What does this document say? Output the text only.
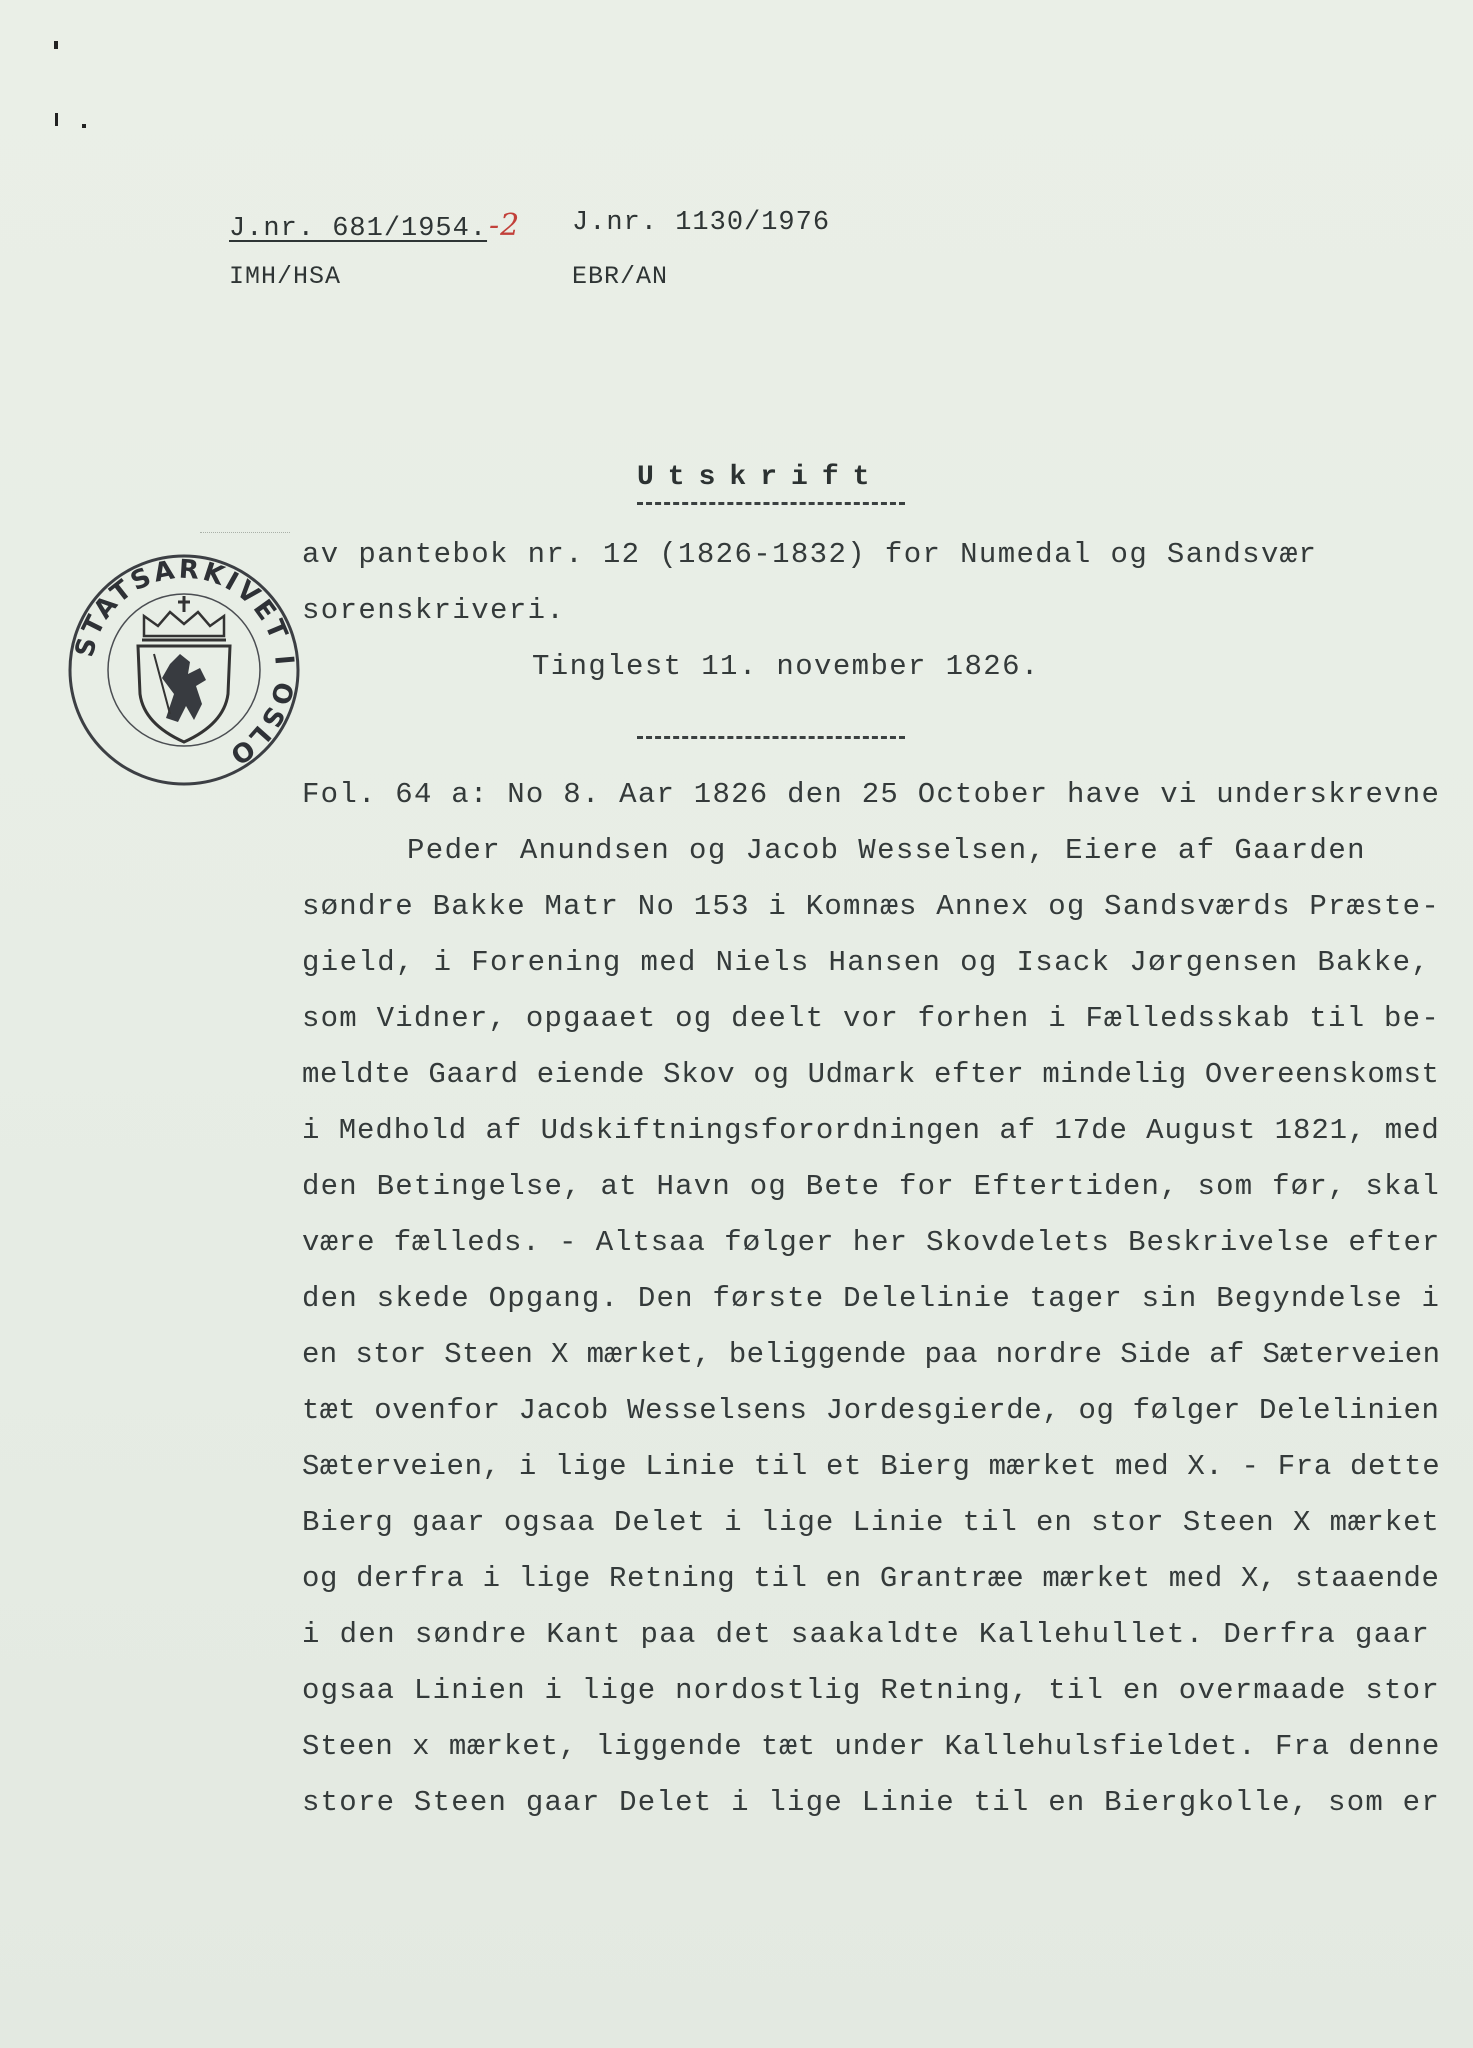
J.nr. 681/1954.-2 J.nr. 1130/1976
IMH/HSA	EBR/AN
Utskrift
av pantebok nr. 12 (1826-1832) for Numedal og Sandsvær
sorenskriveri.
Tinglest 11. november 1826.
STATSARKIVET I OSLO
Fol. 64 a: No 8. Aar 1826 den 25 October have vi underskrevne
Peder Anundsen og Jacob Wesselsen, Eiere af Gaarden
søndre Bakke Matr No 153 i Komnæs Annex og Sandsværds Præste-
gield, i Forening med Niels Hansen og Isack Jørgensen Bakke,
som Vidner, opgaaet og deelt vor forhen i Fælledsskab til be-
meldte Gaard eiende Skov og Udmark efter mindelig Overeenskomst
i Medhold af Udskiftningsforordningen af 17de August 1821, med
den Betingelse, at Havn og Bete for Eftertiden, som før, skal
være fælleds. - Altsaa følger her Skovdelets Beskrivelse efter
den skede Opgang. Den første Delelinie tager sin Begyndelse i
en stor Steen X mærket, beliggende paa nordre Side af Sæterveien
tæt ovenfor Jacob Wesselsens Jordesgierde, og følger Delelinien
Sæterveien, i lige Linie til et Bierg mærket med X. - Fra dette
Bierg gaar ogsaa Delet i lige Linie til en stor Steen X mærket
og derfra i lige Retning til en Grantræe mærket med X, staaende
i den søndre Kant paa det saakaldte Kallehullet. Derfra gaar
ogsaa Linien i lige nordostlig Retning, til en overmaade stor
Steen x mærket, liggende tæt under Kallehulsfieldet. Fra denne
store Steen gaar Delet i lige Linie til en Biergkolle, som er
